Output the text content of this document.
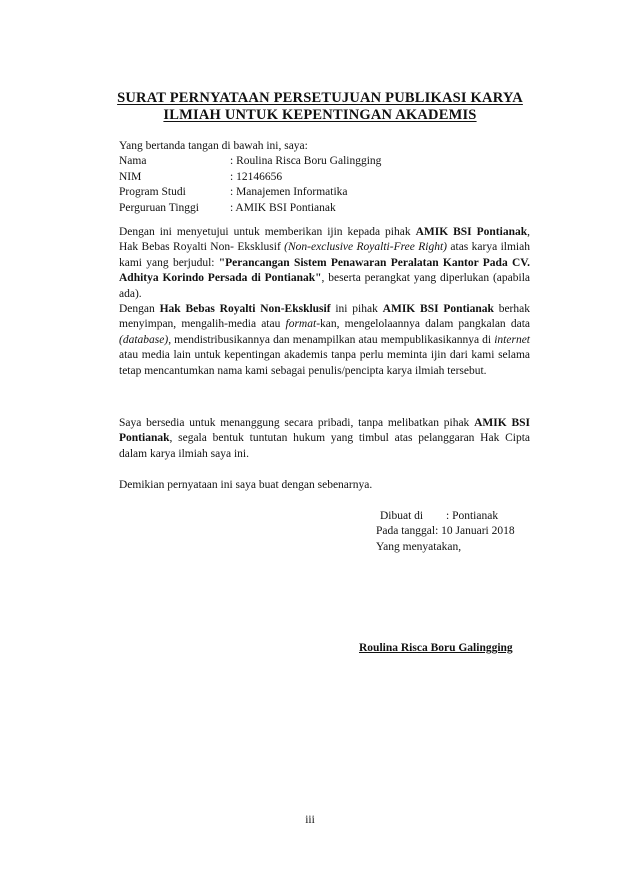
SURAT PERNYATAAN PERSETUJUAN PUBLIKASI KARYA
ILMIAH UNTUK KEPENTINGAN AKADEMIS
Yang bertanda tangan di bawah ini, saya:
Nama	: Roulina Risca Boru Galingging
NIM	: 12146656
Program Studi	: Manajemen Informatika
Perguruan Tinggi	: AMIK BSI Pontianak
Dengan ini menyetujui untuk memberikan ijin kepada pihak AMIK BSI Pontianak, Hak Bebas Royalti Non- Eksklusif (Non-exclusive Royalti-Free Right) atas karya ilmiah kami yang berjudul: "Perancangan Sistem Penawaran Peralatan Kantor Pada CV. Adhitya Korindo Persada di Pontianak", beserta perangkat yang diperlukan (apabila ada).
Dengan Hak Bebas Royalti Non-Eksklusif ini pihak AMIK BSI Pontianak berhak menyimpan, mengalih-media atau format-kan, mengelolaannya dalam pangkalan data (database), mendistribusikannya dan menampilkan atau mempublikasikannya di internet atau media lain untuk kepentingan akademis tanpa perlu meminta ijin dari kami selama tetap mencantumkan nama kami sebagai penulis/pencipta karya ilmiah tersebut.
Saya bersedia untuk menanggung secara pribadi, tanpa melibatkan pihak AMIK BSI Pontianak, segala bentuk tuntutan hukum yang timbul atas pelanggaran Hak Cipta dalam karya ilmiah saya ini.
Demikian pernyataan ini saya buat dengan sebenarnya.
Dibuat di	: Pontianak
Pada tanggal : 10 Januari 2018
Yang menyatakan,
Roulina Risca Boru Galingging
iii
